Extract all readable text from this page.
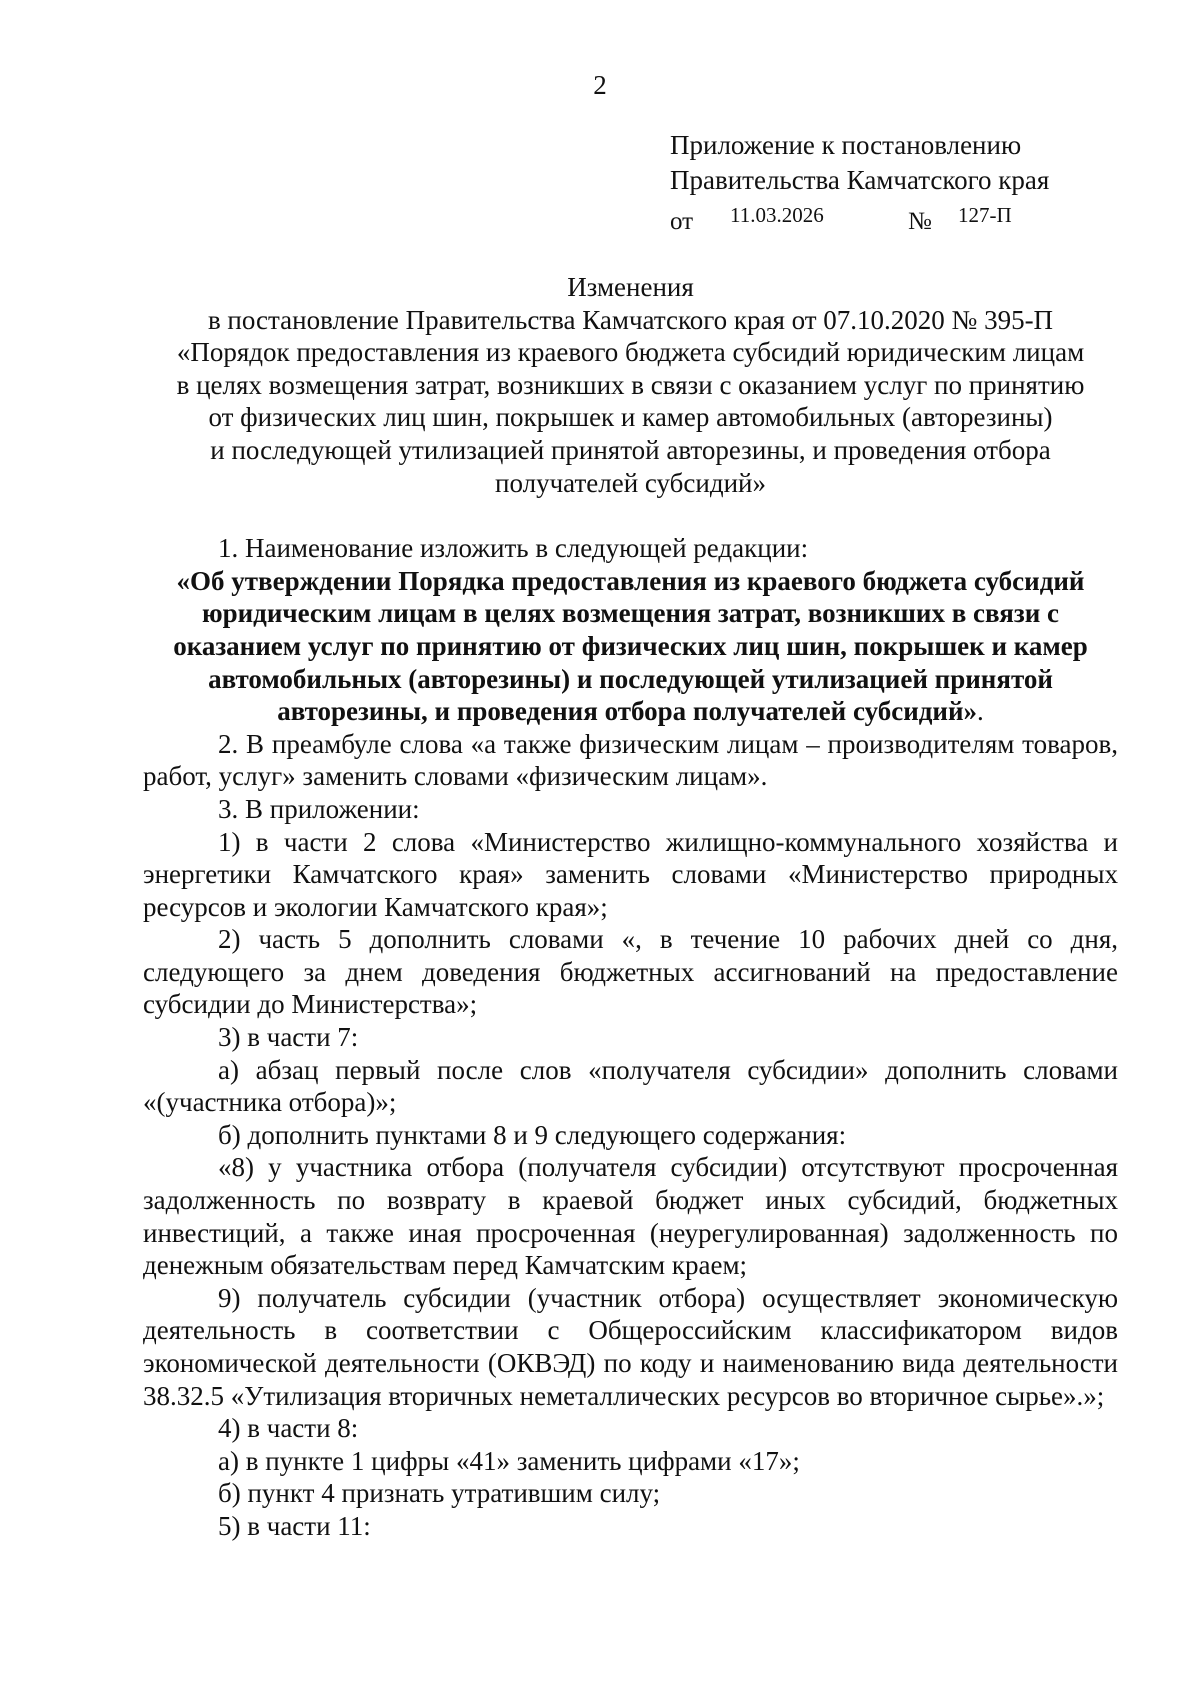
2
Приложение к постановлению
Правительства Камчатского края
от 11.03.2026	№ 127-П

Изменения

в постановление Правительства Камчатского края от 07.10.2020 № 395-П

«Порядок предоставления из краевого бюджета субсидий юридическим лицам

в целях возмещения затрат, возникших в связи с оказанием услуг по принятию

от физических лиц шин, покрышек и камер автомобильных (авторезины)

и последующей утилизацией принятой авторезины, и проведения отбора

получателей субсидий»

1. Наименование изложить в следующей редакции:

«Об утверждении Порядка предоставления из краевого бюджета субсидий

юридическим лицам в целях возмещения затрат, возникших в связи с

оказанием услуг по принятию от физических лиц шин, покрышек и камер

автомобильных (авторезины) и последующей утилизацией принятой

авторезины, и проведения отбора получателей субсидий».

2. В преамбуле слова «а также физическим лицам – производителям товаров, работ, услуг» заменить словами «физическим лицам».

3. В приложении:

1) в части 2 слова «Министерство жилищно-коммунального хозяйства и энергетики Камчатского края» заменить словами «Министерство природных ресурсов и экологии Камчатского края»;

2) часть 5 дополнить словами «, в течение 10 рабочих дней со дня, следующего за днем доведения бюджетных ассигнований на предоставление субсидии до Министерства»;

3) в части 7:

а) абзац первый после слов «получателя субсидии» дополнить словами «(участника отбора)»;

б) дополнить пунктами 8 и 9 следующего содержания:

«8) у участника отбора (получателя субсидии) отсутствуют просроченная задолженность по возврату в краевой бюджет иных субсидий, бюджетных инвестиций, а также иная просроченная (неурегулированная) задолженность по денежным обязательствам перед Камчатским краем;

9) получатель субсидии (участник отбора) осуществляет экономическую деятельность в соответствии с Общероссийским классификатором видов экономической деятельности (ОКВЭД) по коду и наименованию вида деятельности 38.32.5 «Утилизация вторичных неметаллических ресурсов во вторичное сырье».»;

4) в части 8:

а) в пункте 1 цифры «41» заменить цифрами «17»;

б) пункт 4 признать утратившим силу;

5) в части 11:
